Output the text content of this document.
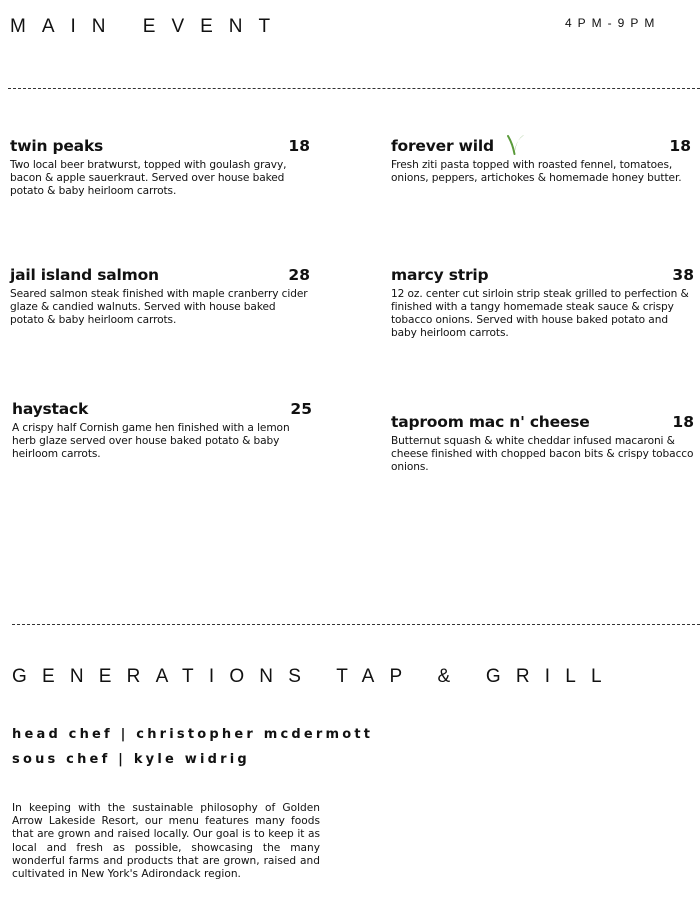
MAIN EVENT	4PM-9PM
twin peaks	18

Two local beer bratwurst, topped with goulash gravy, bacon & apple sauerkraut. Served over house baked potato & baby heirloom carrots.

forever wild	18

Fresh ziti pasta topped with roasted fennel, tomatoes, onions, peppers, artichokes & homemade honey butter.

jail island salmon	28

Seared salmon steak finished with maple cranberry cider glaze & candied walnuts. Served with house baked potato & baby heirloom carrots.

marcy strip	38

12 oz. center cut sirloin strip steak grilled to perfection & finished with a tangy homemade steak sauce & crispy tobacco onions. Served with house baked potato and baby heirloom carrots.

haystack	25

A crispy half Cornish game hen finished with a lemon herb glaze served over house baked potato & baby heirloom carrots.

taproom mac n' cheese	18

Butternut squash & white cheddar infused macaroni & cheese finished with chopped bacon bits & crispy tobacco onions.

GENERATIONS TAP & GRILL
head chef | christopher mcdermott
sous chef | kyle widrig

In keeping with the sustainable philosophy of Golden Arrow Lakeside Resort, our menu features many foods that are grown and raised locally. Our goal is to keep it as local and fresh as possible, showcasing the many wonderful farms and products that are grown, raised and cultivated in New York's Adirondack region.
